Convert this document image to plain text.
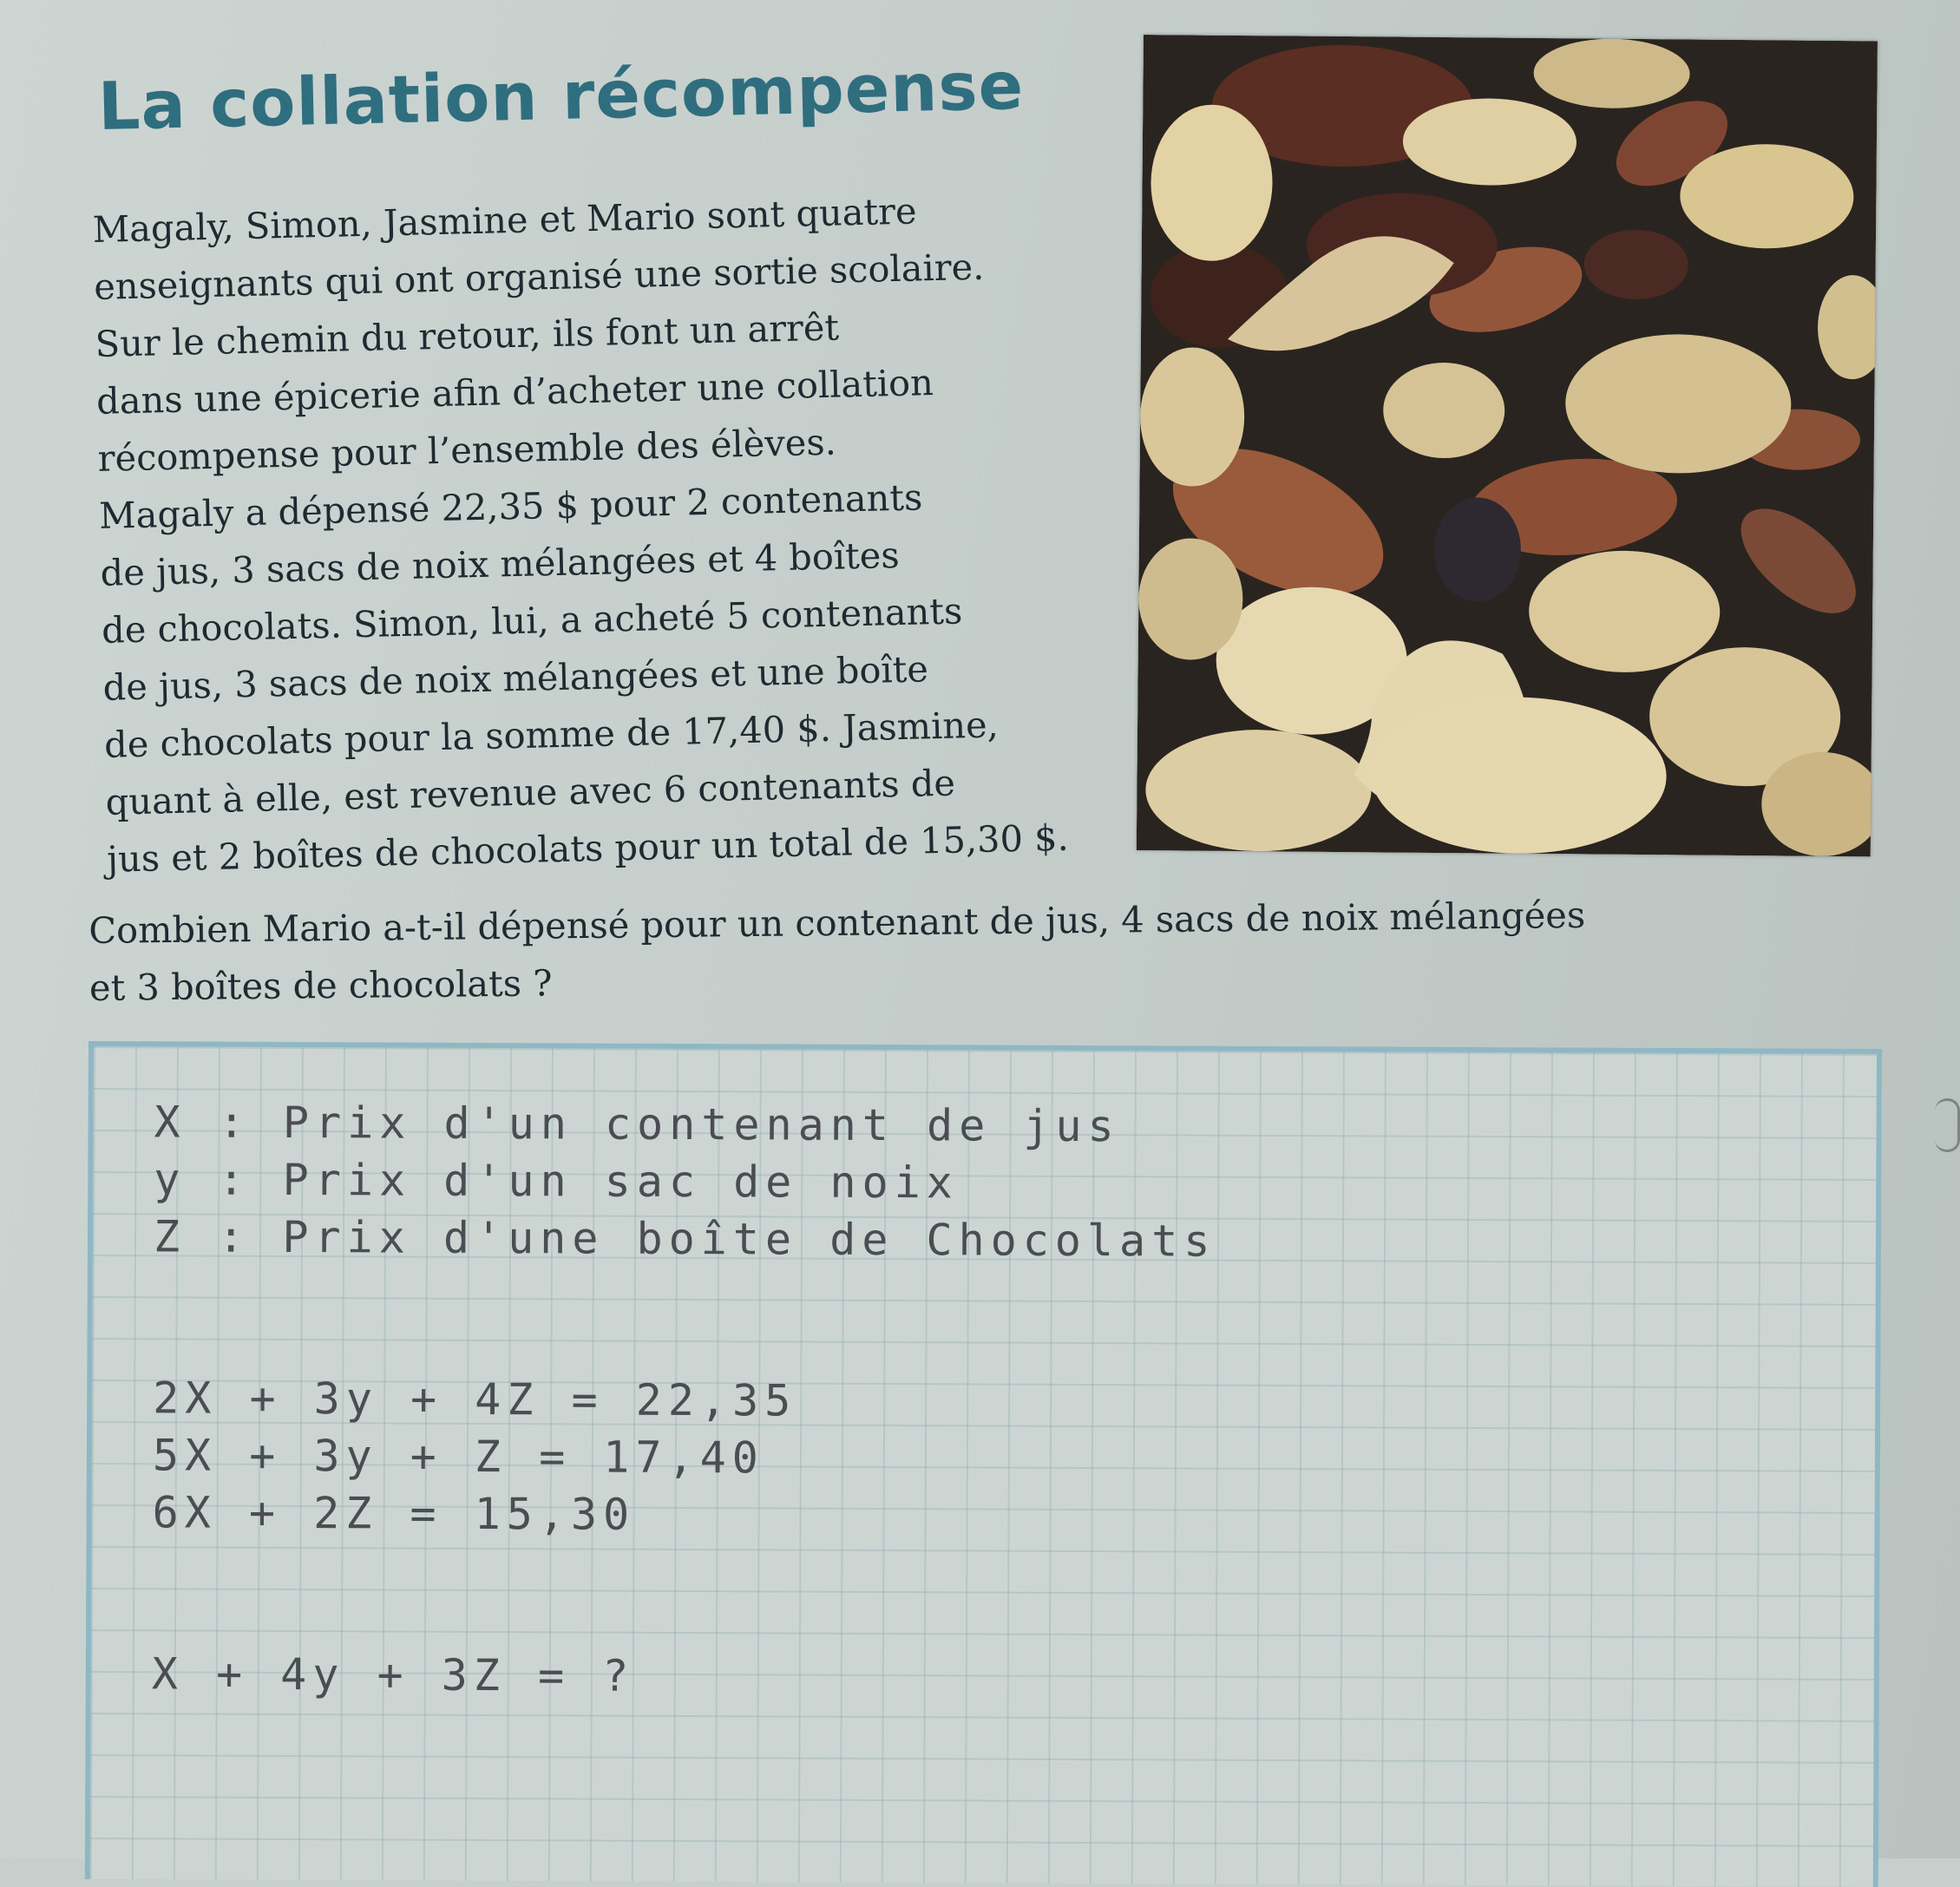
La collation récompense
Magaly, Simon, Jasmine et Mario sont quatre
enseignants qui ont organisé une sortie scolaire.
Sur le chemin du retour, ils font un arrêt
dans une épicerie afin d’acheter une collation
récompense pour l’ensemble des élèves.
Magaly a dépensé 22,35 $ pour 2 contenants
de jus, 3 sacs de noix mélangées et 4 boîtes
de chocolats. Simon, lui, a acheté 5 contenants
de jus, 3 sacs de noix mélangées et une boîte
de chocolats pour la somme de 17,40 $. Jasmine,
quant à elle, est revenue avec 6 contenants de
jus et 2 boîtes de chocolats pour un total de 15,30 $.
Combien Mario a-t-il dépensé pour un contenant de jus, 4 sacs de noix mélangées
et 3 boîtes de chocolats ?
X : Prix d'un contenant de jus
y : Prix d'un sac de noix
Z : Prix d'une boîte de Chocolats
2X + 3y + 4Z = 22,35
5X + 3y + Z = 17,40
6X + 2Z = 15,30
X + 4y + 3Z = ?
